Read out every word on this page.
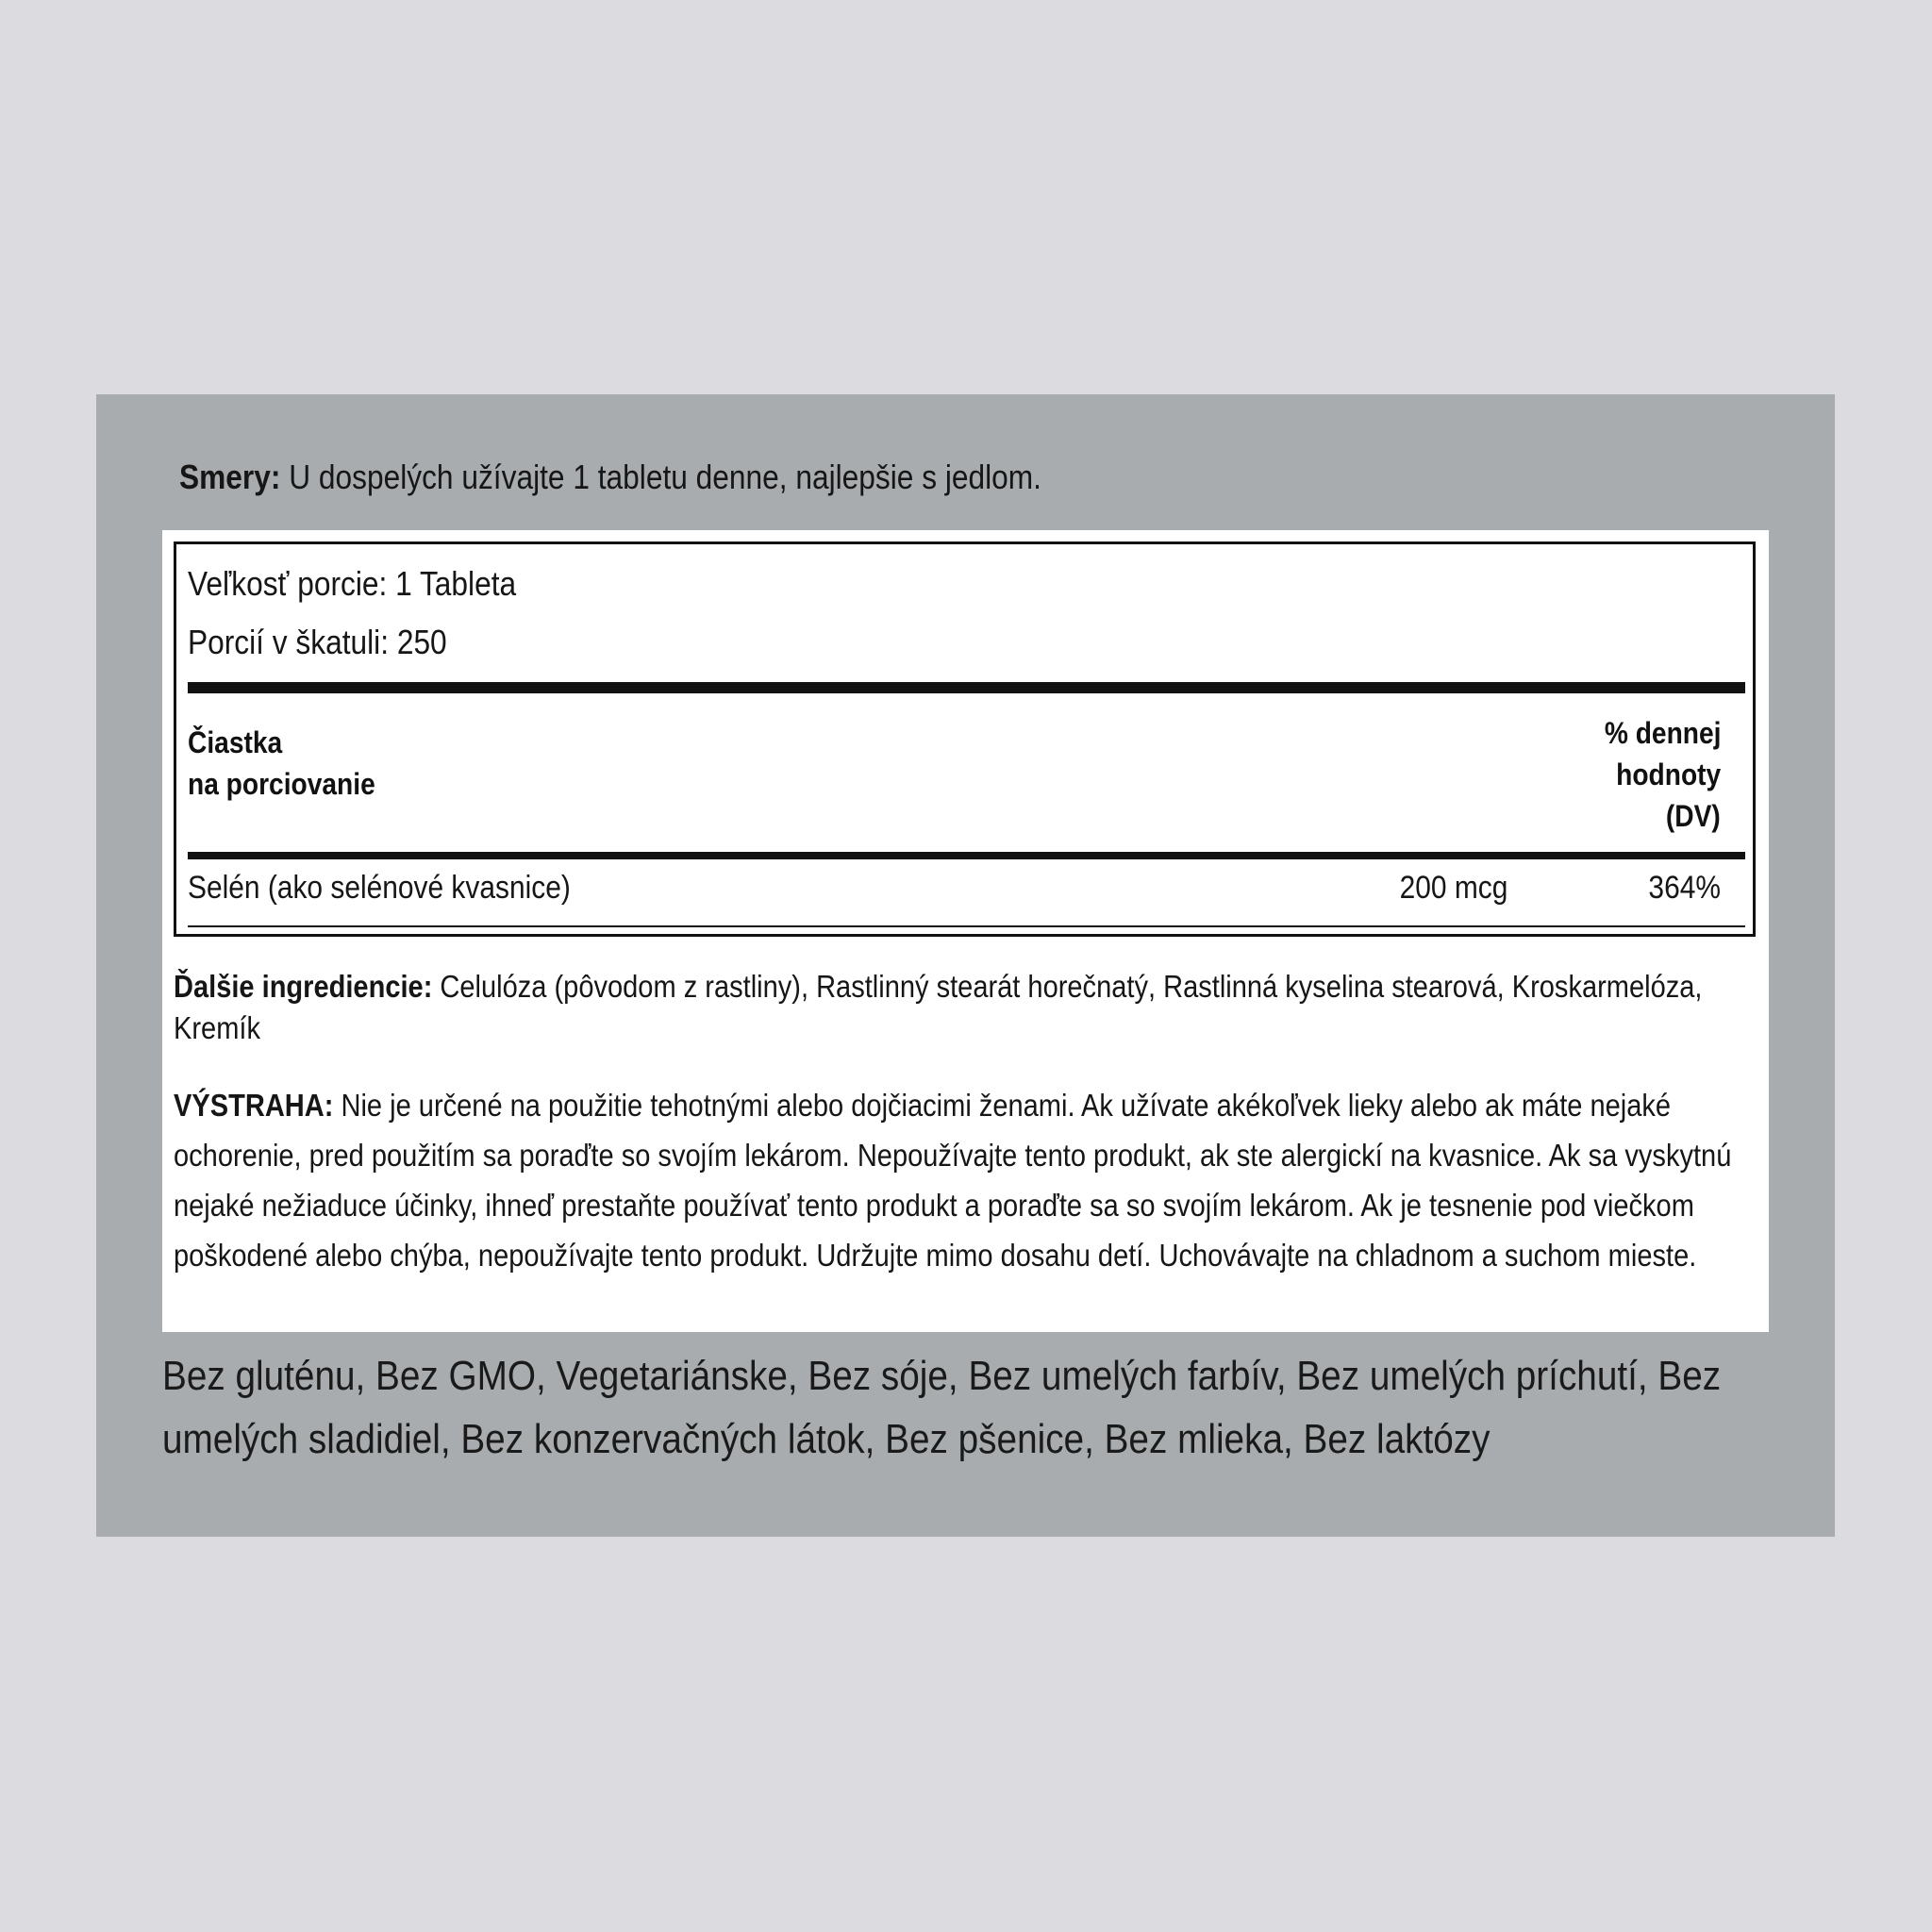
Smery: U dospelých užívajte 1 tabletu denne, najlepšie s jedlom.
Veľkosť porcie: 1 Tableta
Porcií v škatuli: 250
Čiastka
na porciovanie
% dennej
hodnoty
(DV)
Selén (ako selénové kvasnice)	200 mcg	364%
Ďalšie ingrediencie: Celulóza (pôvodom z rastliny), Rastlinný stearát horečnatý, Rastlinná kyselina stearová, Kroskarmelóza, Kremík
VÝSTRAHA: Nie je určené na použitie tehotnými alebo dojčiacimi ženami. Ak užívate akékoľvek lieky alebo ak máte nejaké ochorenie, pred použitím sa poraďte so svojím lekárom. Nepoužívajte tento produkt, ak ste alergickí na kvasnice. Ak sa vyskytnú nejaké nežiaduce účinky, ihneď prestaňte používať tento produkt a poraďte sa so svojím lekárom. Ak je tesnenie pod viečkom poškodené alebo chýba, nepoužívajte tento produkt. Udržujte mimo dosahu detí. Uchovávajte na chladnom a suchom mieste.
Bez gluténu, Bez GMO, Vegetariánske, Bez sóje, Bez umelých farbív, Bez umelých príchutí, Bez umelých sladidiel, Bez konzervačných látok, Bez pšenice, Bez mlieka, Bez laktózy
